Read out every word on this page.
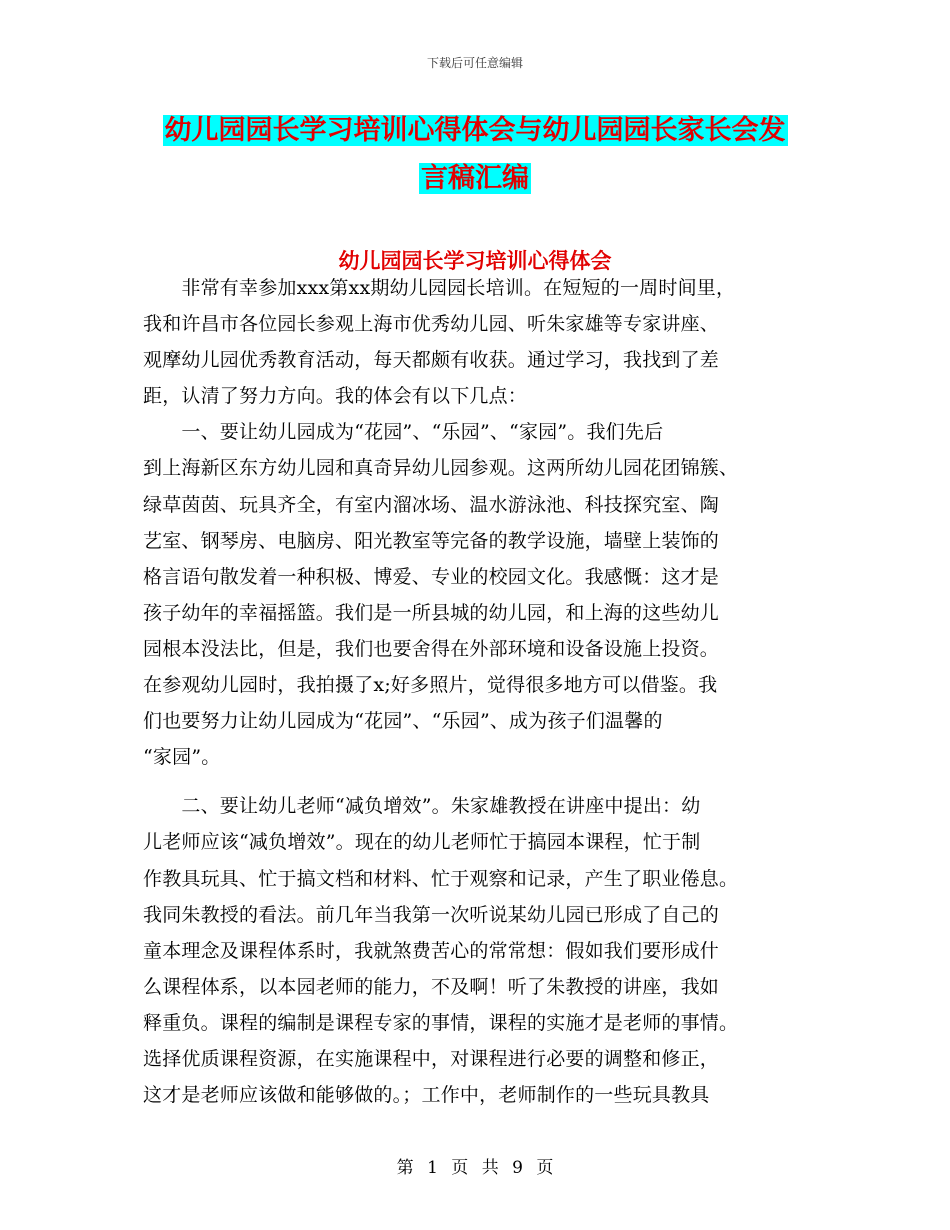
下载后可任意编辑
幼儿园园长学习培训心得体会与幼儿园园长家长会发
言稿汇编
幼儿园园长学习培训心得体会
　　非常有幸参加xxx第xx期幼儿园园长培训。在短短的一周时间里，
我和许昌市各位园长参观上海市优秀幼儿园、听朱家雄等专家讲座、
观摩幼儿园优秀教育活动，每天都颇有收获。通过学习，我找到了差
距，认清了努力方向。我的体会有以下几点：
　　一、要让幼儿园成为“花园”、“乐园”、“家园”。我们先后
到上海新区东方幼儿园和真奇异幼儿园参观。这两所幼儿园花团锦簇、
绿草茵茵、玩具齐全，有室内溜冰场、温水游泳池、科技探究室、陶
艺室、钢琴房、电脑房、阳光教室等完备的教学设施，墙壁上装饰的
格言语句散发着一种积极、博爱、专业的校园文化。我感慨：这才是
孩子幼年的幸福摇篮。我们是一所县城的幼儿园，和上海的这些幼儿
园根本没法比，但是，我们也要舍得在外部环境和设备设施上投资。
在参观幼儿园时，我拍摄了x;好多照片，觉得很多地方可以借鉴。我
们也要努力让幼儿园成为“花园”、“乐园”、成为孩子们温馨的
“家园”。
　　二、要让幼儿老师“减负增效”。朱家雄教授在讲座中提出：幼
儿老师应该“减负增效”。现在的幼儿老师忙于搞园本课程，忙于制
作教具玩具、忙于搞文档和材料、忙于观察和记录，产生了职业倦息。
我同朱教授的看法。前几年当我第一次听说某幼儿园已形成了自己的
童本理念及课程体系时，我就煞费苦心的常常想：假如我们要形成什
么课程体系，以本园老师的能力，不及啊！听了朱教授的讲座，我如
释重负。课程的编制是课程专家的事情，课程的实施才是老师的事情。
选择优质课程资源，在实施课程中，对课程进行必要的调整和修正，
这才是老师应该做和能够做的。；工作中，老师制作的一些玩具教具
第 1 页 共 9 页
